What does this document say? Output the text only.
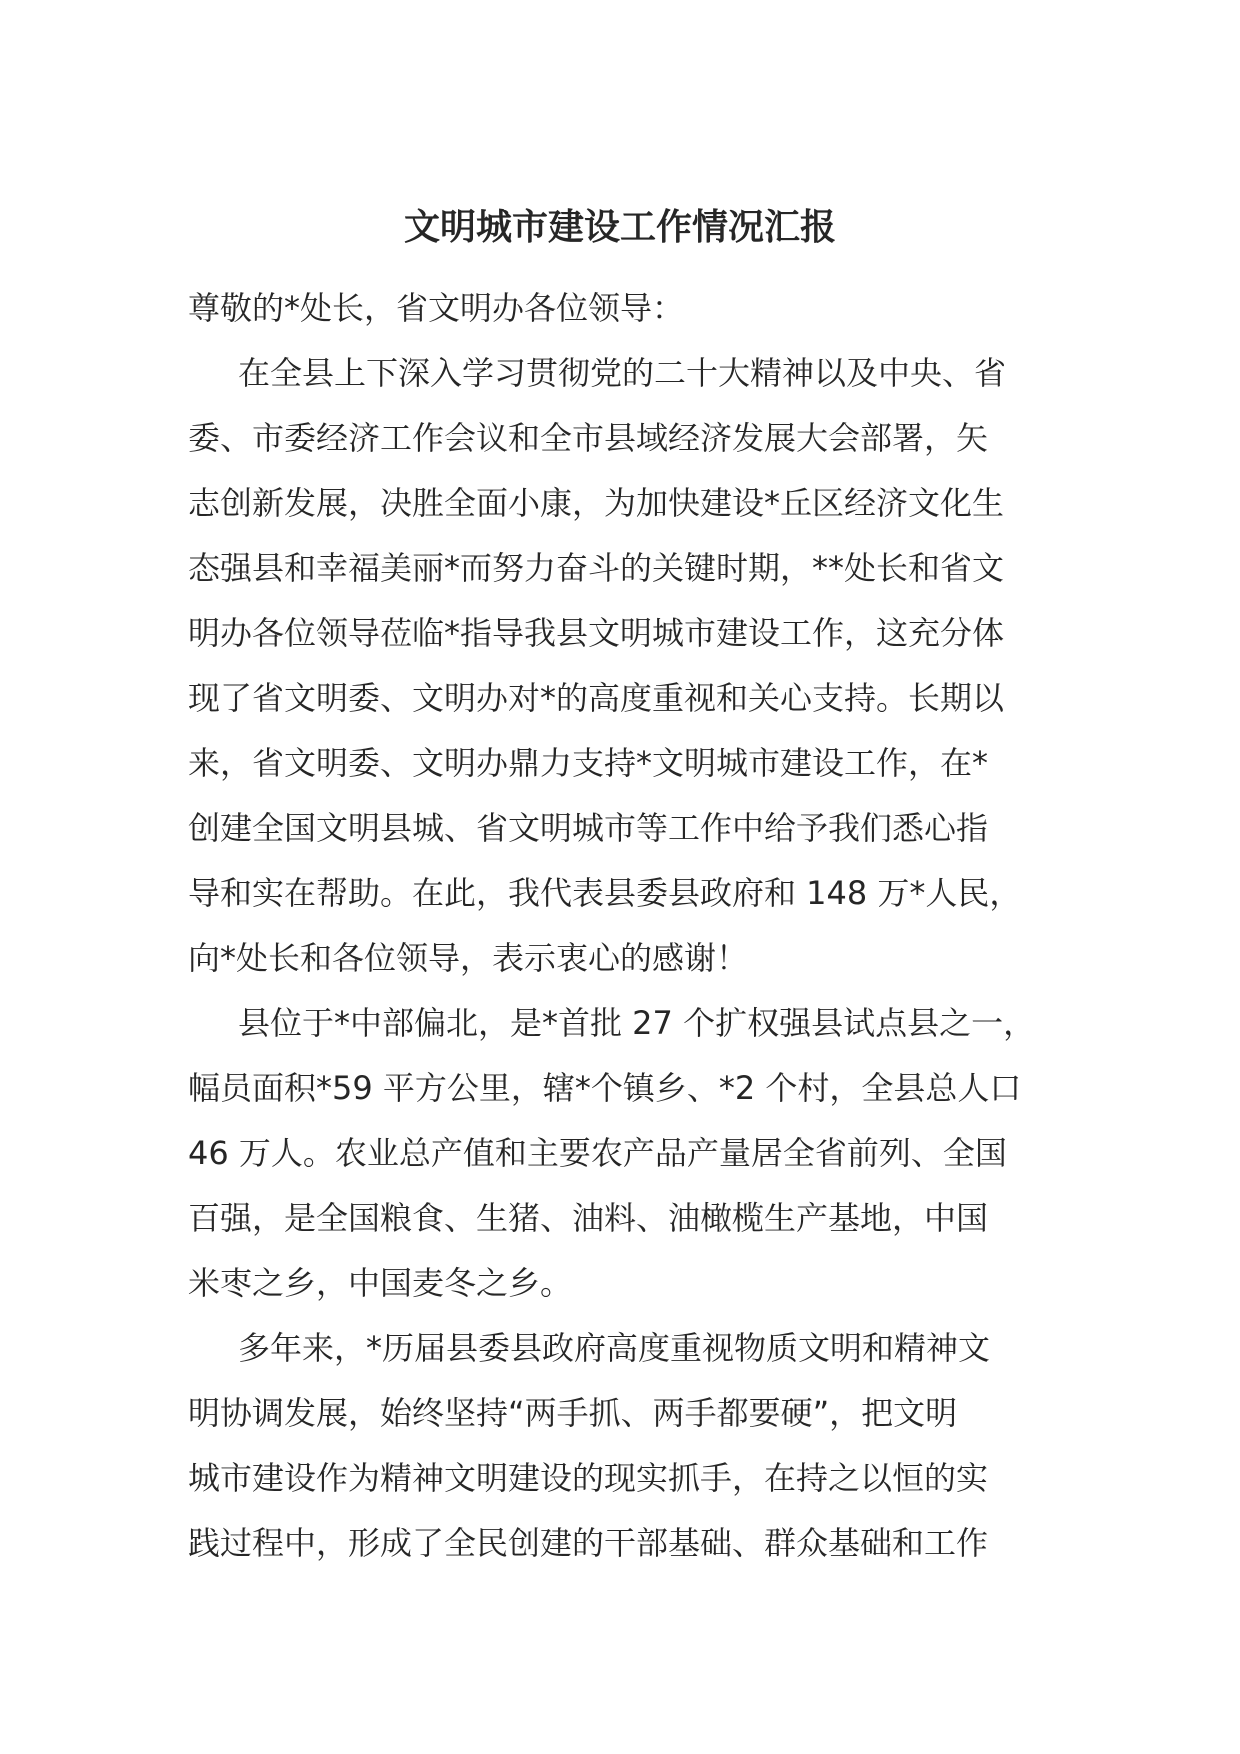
文明城市建设工作情况汇报
尊敬的*处长，省文明办各位领导：
在全县上下深入学习贯彻党的二十大精神以及中央、省
委、市委经济工作会议和全市县域经济发展大会部署，矢
志创新发展，决胜全面小康，为加快建设*丘区经济文化生
态强县和幸福美丽*而努力奋斗的关键时期，**处长和省文
明办各位领导莅临*指导我县文明城市建设工作，这充分体
现了省文明委、文明办对*的高度重视和关心支持。长期以
来，省文明委、文明办鼎力支持*文明城市建设工作，在*
创建全国文明县城、省文明城市等工作中给予我们悉心指
导和实在帮助。在此，我代表县委县政府和 148 万*人民，
向*处长和各位领导，表示衷心的感谢！
县位于*中部偏北，是*首批 27 个扩权强县试点县之一，
幅员面积*59 平方公里，辖*个镇乡、*2 个村，全县总人口
46 万人。农业总产值和主要农产品产量居全省前列、全国
百强，是全国粮食、生猪、油料、油橄榄生产基地，中国
米枣之乡，中国麦冬之乡。
多年来，*历届县委县政府高度重视物质文明和精神文
明协调发展，始终坚持“两手抓、两手都要硬”，把文明
城市建设作为精神文明建设的现实抓手，在持之以恒的实
践过程中，形成了全民创建的干部基础、群众基础和工作
